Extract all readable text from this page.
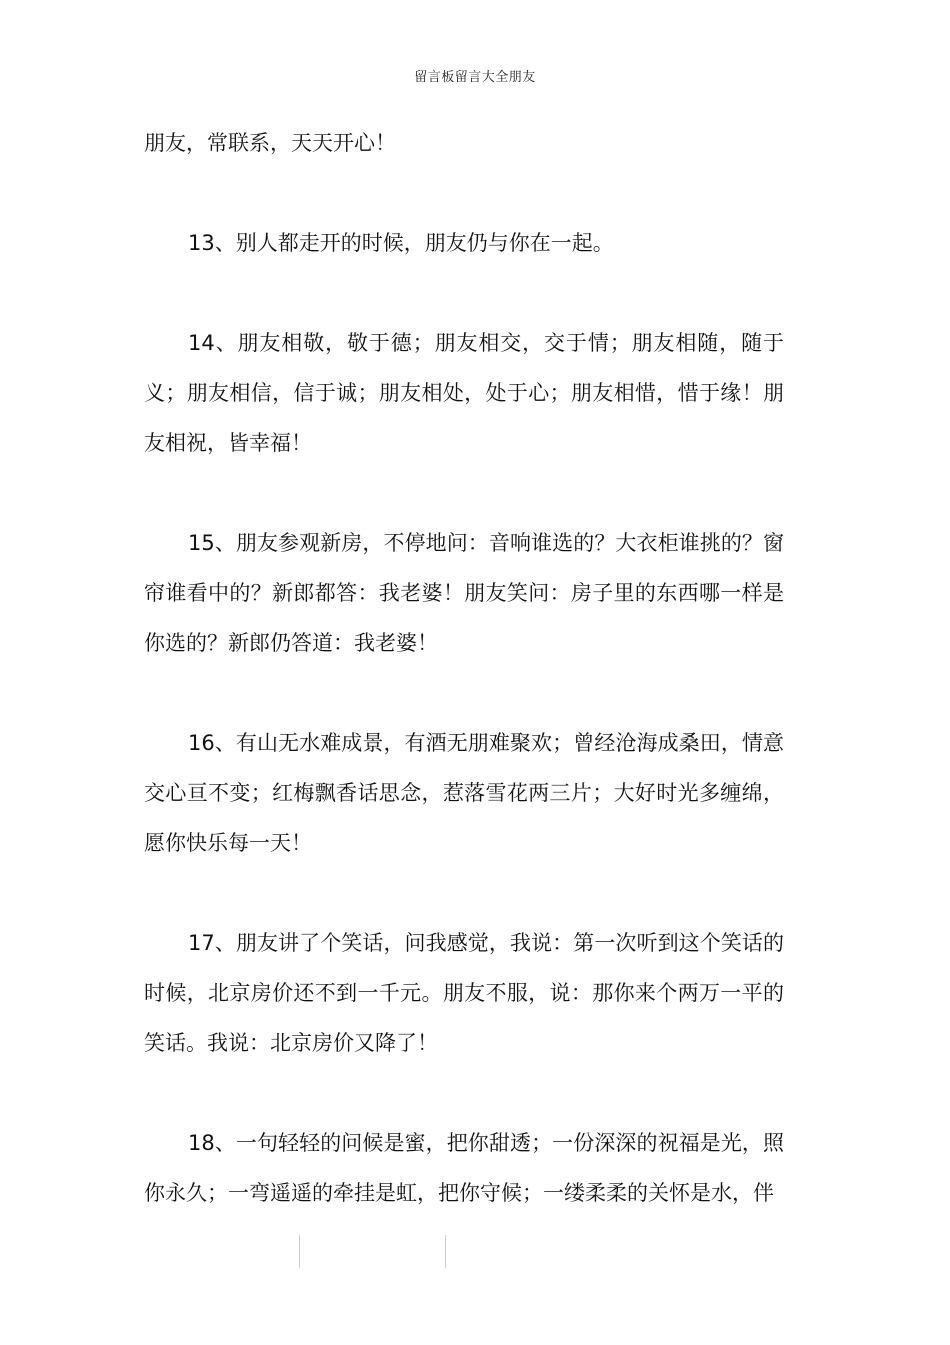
留言板留言大全朋友

朋友，常联系，天天开心！

13、别人都走开的时候，朋友仍与你在一起。

14、朋友相敬，敬于德；朋友相交，交于情；朋友相随，随于义；朋友相信，信于诚；朋友相处，处于心；朋友相惜，惜于缘！朋友相祝，皆幸福！

15、朋友参观新房，不停地问：音响谁选的？大衣柜谁挑的？窗帘谁看中的？新郎都答：我老婆！朋友笑问：房子里的东西哪一样是你选的？新郎仍答道：我老婆！

16、有山无水难成景，有酒无朋难聚欢；曾经沧海成桑田，情意交心亘不变；红梅飘香话思念，惹落雪花两三片；大好时光多缠绵，愿你快乐每一天！

17、朋友讲了个笑话，问我感觉，我说：第一次听到这个笑话的时候，北京房价还不到一千元。朋友不服，说：那你来个两万一平的笑话。我说：北京房价又降了！

18、一句轻轻的问候是蜜，把你甜透；一份深深的祝福是光，照你永久；一弯遥遥的牵挂是虹，把你守候；一缕柔柔的关怀是水，伴
